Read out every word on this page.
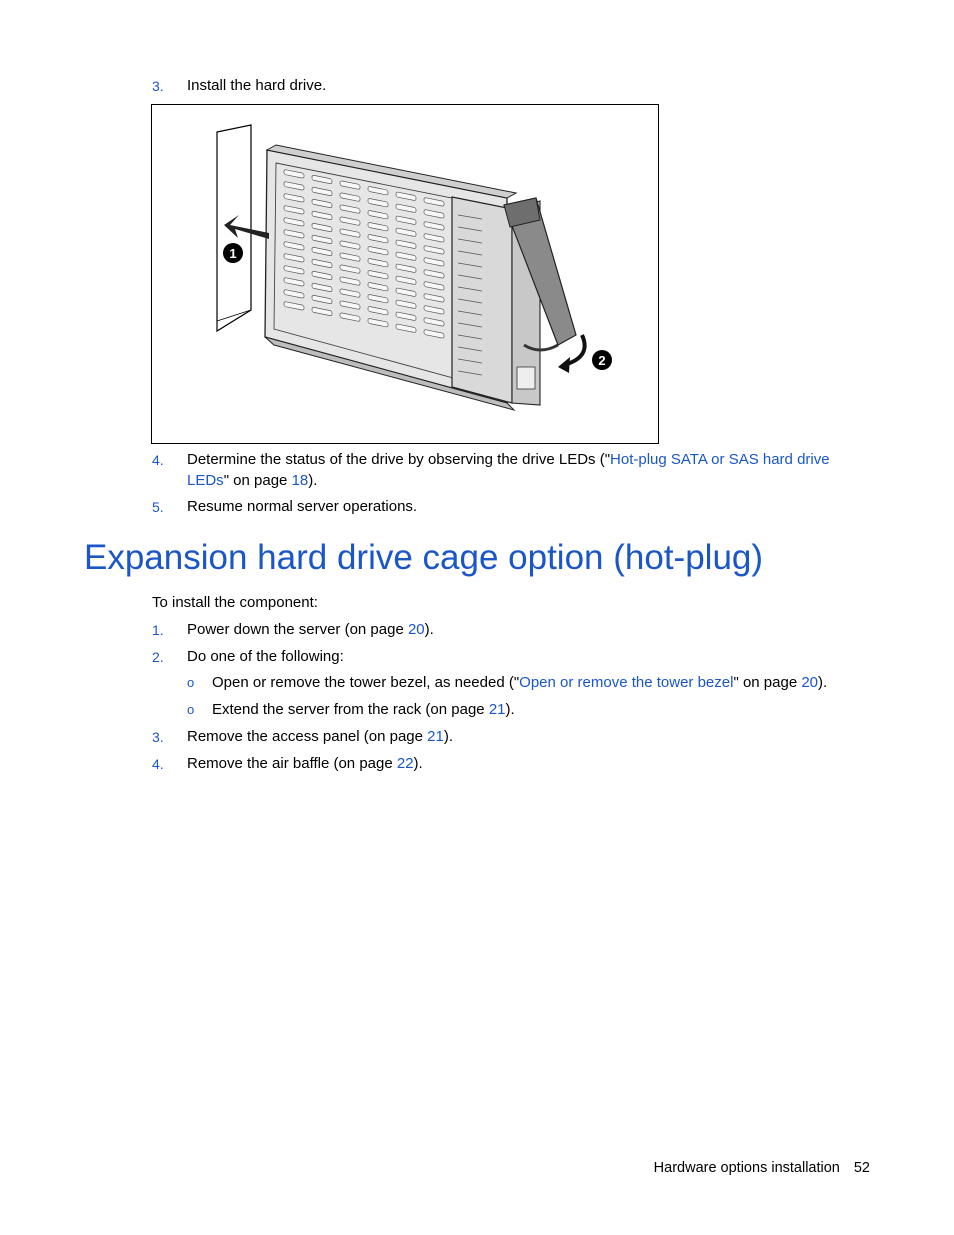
3. Install the hard drive.
1
2
4. Determine the status of the drive by observing the drive LEDs ("Hot-plug SATA or SAS hard drive
LEDs" on page 18).
5. Resume normal server operations.
Expansion hard drive cage option (hot-plug)
To install the component:
1. Power down the server (on page 20).
2. Do one of the following:
o Open or remove the tower bezel, as needed ("Open or remove the tower bezel" on page 20).
o Extend the server from the rack (on page 21).
3. Remove the access panel (on page 21).
4. Remove the air baffle (on page 22).
Hardware options installation 52
